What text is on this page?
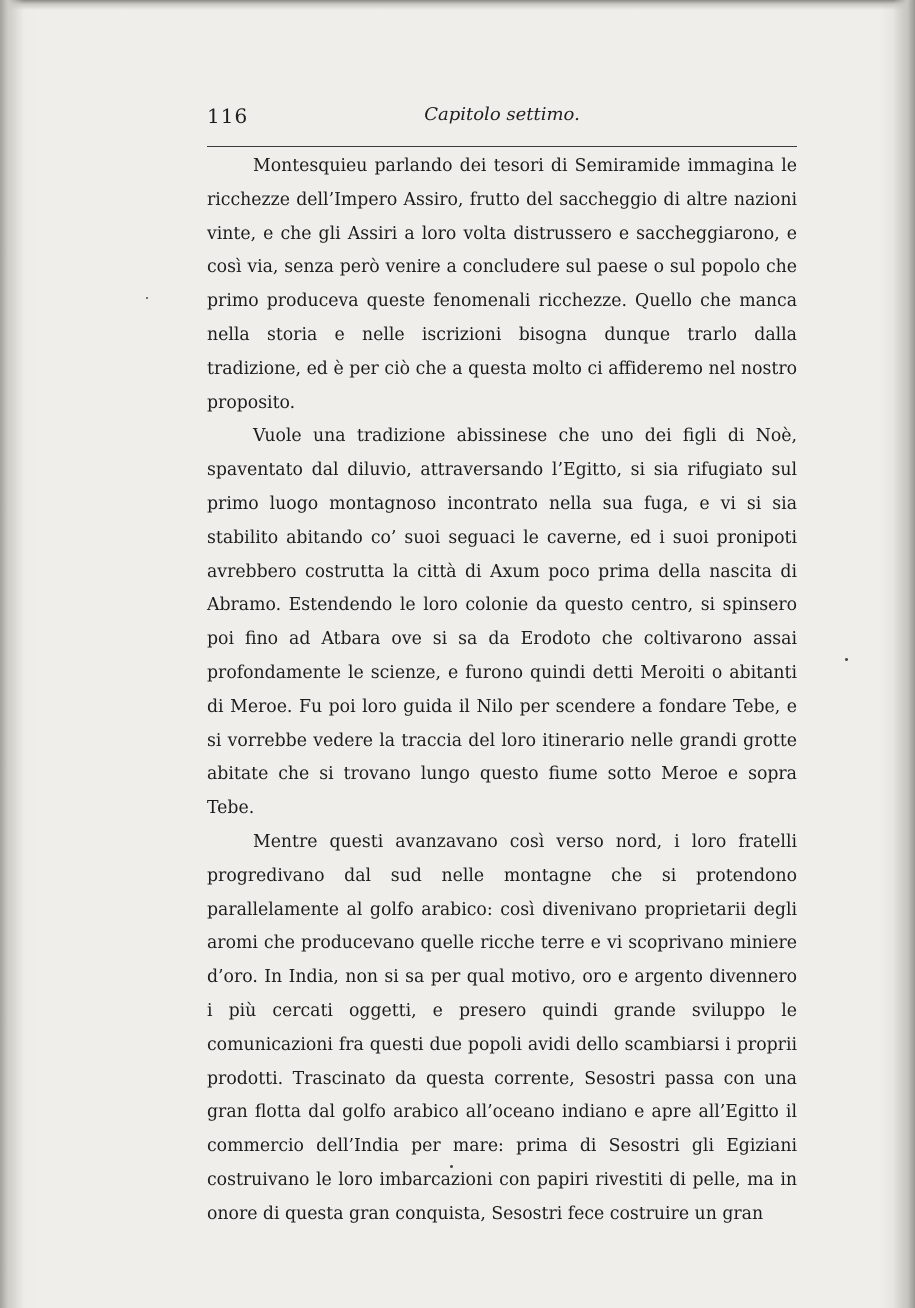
116	Capitolo settimo.

Montesquieu parlando dei tesori di Semiramide immagina le ricchezze dell’Impero Assiro, frutto del saccheggio di altre nazioni vinte, e che gli Assiri a loro volta distrussero e saccheggiarono, e così via, senza però venire a concludere sul paese o sul popolo che primo produceva queste fenomenali ricchezze. Quello che manca nella storia e nelle iscrizioni bisogna dunque trarlo dalla tradizione, ed è per ciò che a questa molto ci affideremo nel nostro proposito.

Vuole una tradizione abissinese che uno dei figli di Noè, spaventato dal diluvio, attraversando l’Egitto, si sia rifugiato sul primo luogo montagnoso incontrato nella sua fuga, e vi si sia stabilito abitando co’ suoi seguaci le caverne, ed i suoi pronipoti avrebbero costrutta la città di Axum poco prima della nascita di Abramo. Estendendo le loro colonie da questo centro, si spinsero poi fino ad Atbara ove si sa da Erodoto che coltivarono assai profondamente le scienze, e furono quindi detti Meroiti o abitanti di Meroe. Fu poi loro guida il Nilo per scendere a fondare Tebe, e si vorrebbe vedere la traccia del loro itinerario nelle grandi grotte abitate che si trovano lungo questo fiume sotto Meroe e sopra Tebe.

Mentre questi avanzavano così verso nord, i loro fratelli progredivano dal sud nelle montagne che si protendono parallelamente al golfo arabico: così divenivano proprietarii degli aromi che producevano quelle ricche terre e vi scoprivano miniere d’oro. In India, non si sa per qual motivo, oro e argento divennero i più cercati oggetti, e presero quindi grande sviluppo le comunicazioni fra questi due popoli avidi dello scambiarsi i proprii prodotti. Trascinato da questa corrente, Sesostri passa con una gran flotta dal golfo arabico all’oceano indiano e apre all’Egitto il commercio dell’India per mare: prima di Sesostri gli Egiziani costruivano le loro imbarcazioni con papiri rivestiti di pelle, ma in onore di questa gran conquista, Sesostri fece costruire un gran
